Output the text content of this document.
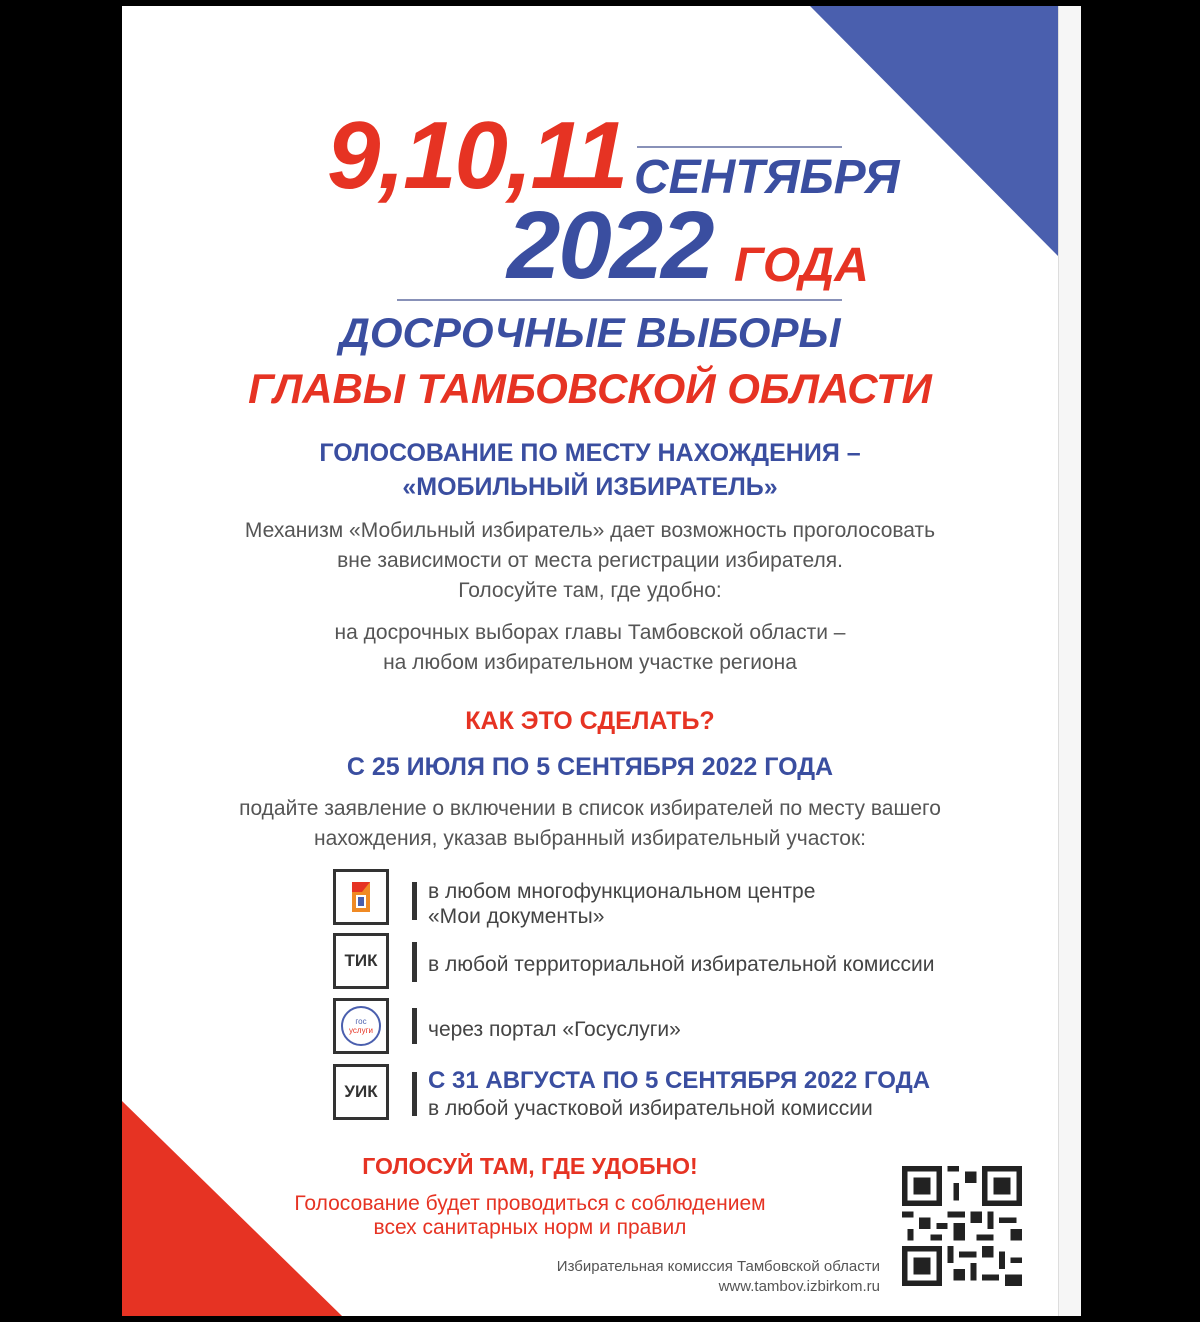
9,10,11 СЕНТЯБРЯ
2022 ГОДА
ДОСРОЧНЫЕ ВЫБОРЫ
ГЛАВЫ ТАМБОВСКОЙ ОБЛАСТИ
ГОЛОСОВАНИЕ ПО МЕСТУ НАХОЖДЕНИЯ –
«МОБИЛЬНЫЙ ИЗБИРАТЕЛЬ»
Механизм «Мобильный избиратель» дает возможность проголосовать
вне зависимости от места регистрации избирателя.
Голосуйте там, где удобно:
на досрочных выборах главы Тамбовской области –
на любом избирательном участке региона
КАК ЭТО СДЕЛАТЬ?
С 25 ИЮЛЯ ПО 5 СЕНТЯБРЯ 2022 ГОДА
подайте заявление о включении в список избирателей по месту вашего
нахождения, указав выбранный избирательный участок:
в любом многофункциональном центре
«Мои документы»
ТИК в любой территориальной избирательной комиссии
гос
услуги	через портал «Госуслуги»
УИК С 31 АВГУСТА ПО 5 СЕНТЯБРЯ 2022 ГОДА
в любой участковой избирательной комиссии
ГОЛОСУЙ ТАМ, ГДЕ УДОБНО!
Голосование будет проводиться с соблюдением
всех санитарных норм и правил
Избирательная комиссия Тамбовской области
www.tambov.izbirkom.ru
